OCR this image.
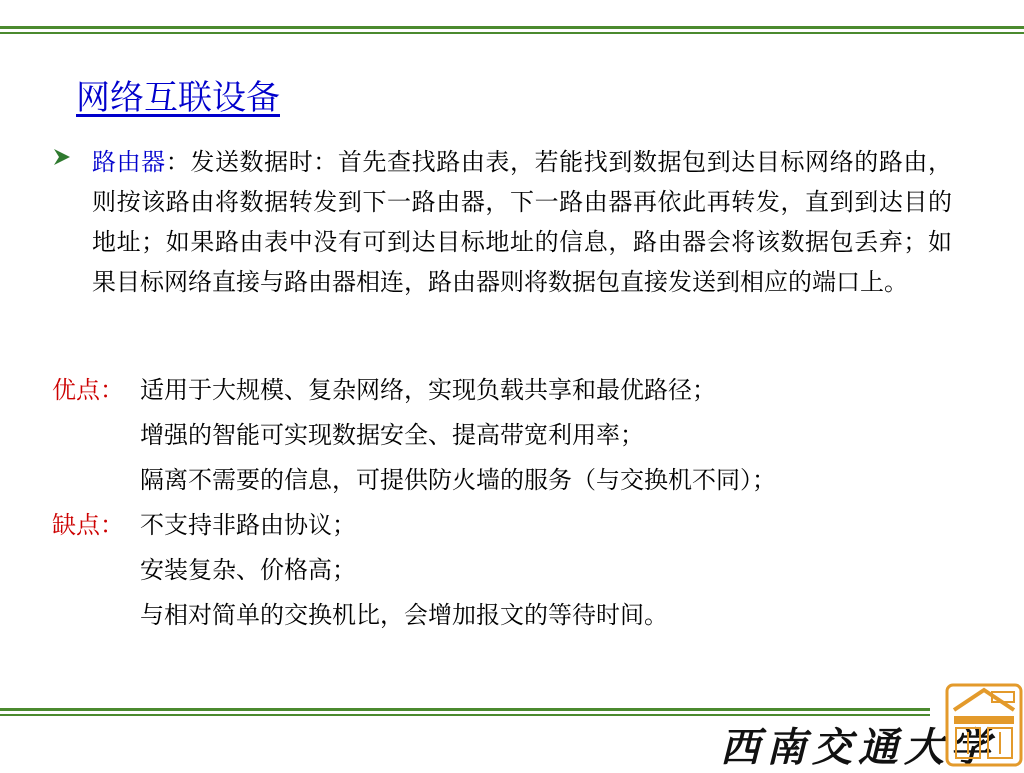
网络互联设备
路由器：发送数据时：首先查找路由表，若能找到数据包到达目标网络的路由，则按该路由将数据转发到下一路由器，下一路由器再依此再转发，直到到达目的地址；如果路由表中没有可到达目标地址的信息，路由器会将该数据包丢弃；如果目标网络直接与路由器相连，路由器则将数据包直接发送到相应的端口上。
优点： 适用于大规模、复杂网络，实现负载共享和最优路径；
增强的智能可实现数据安全、提高带宽利用率；
隔离不需要的信息，可提供防火墙的服务（与交换机不同）；
缺点： 不支持非路由协议；
安装复杂、价格高；
与相对简单的交换机比，会增加报文的等待时间。
西南交通大学
